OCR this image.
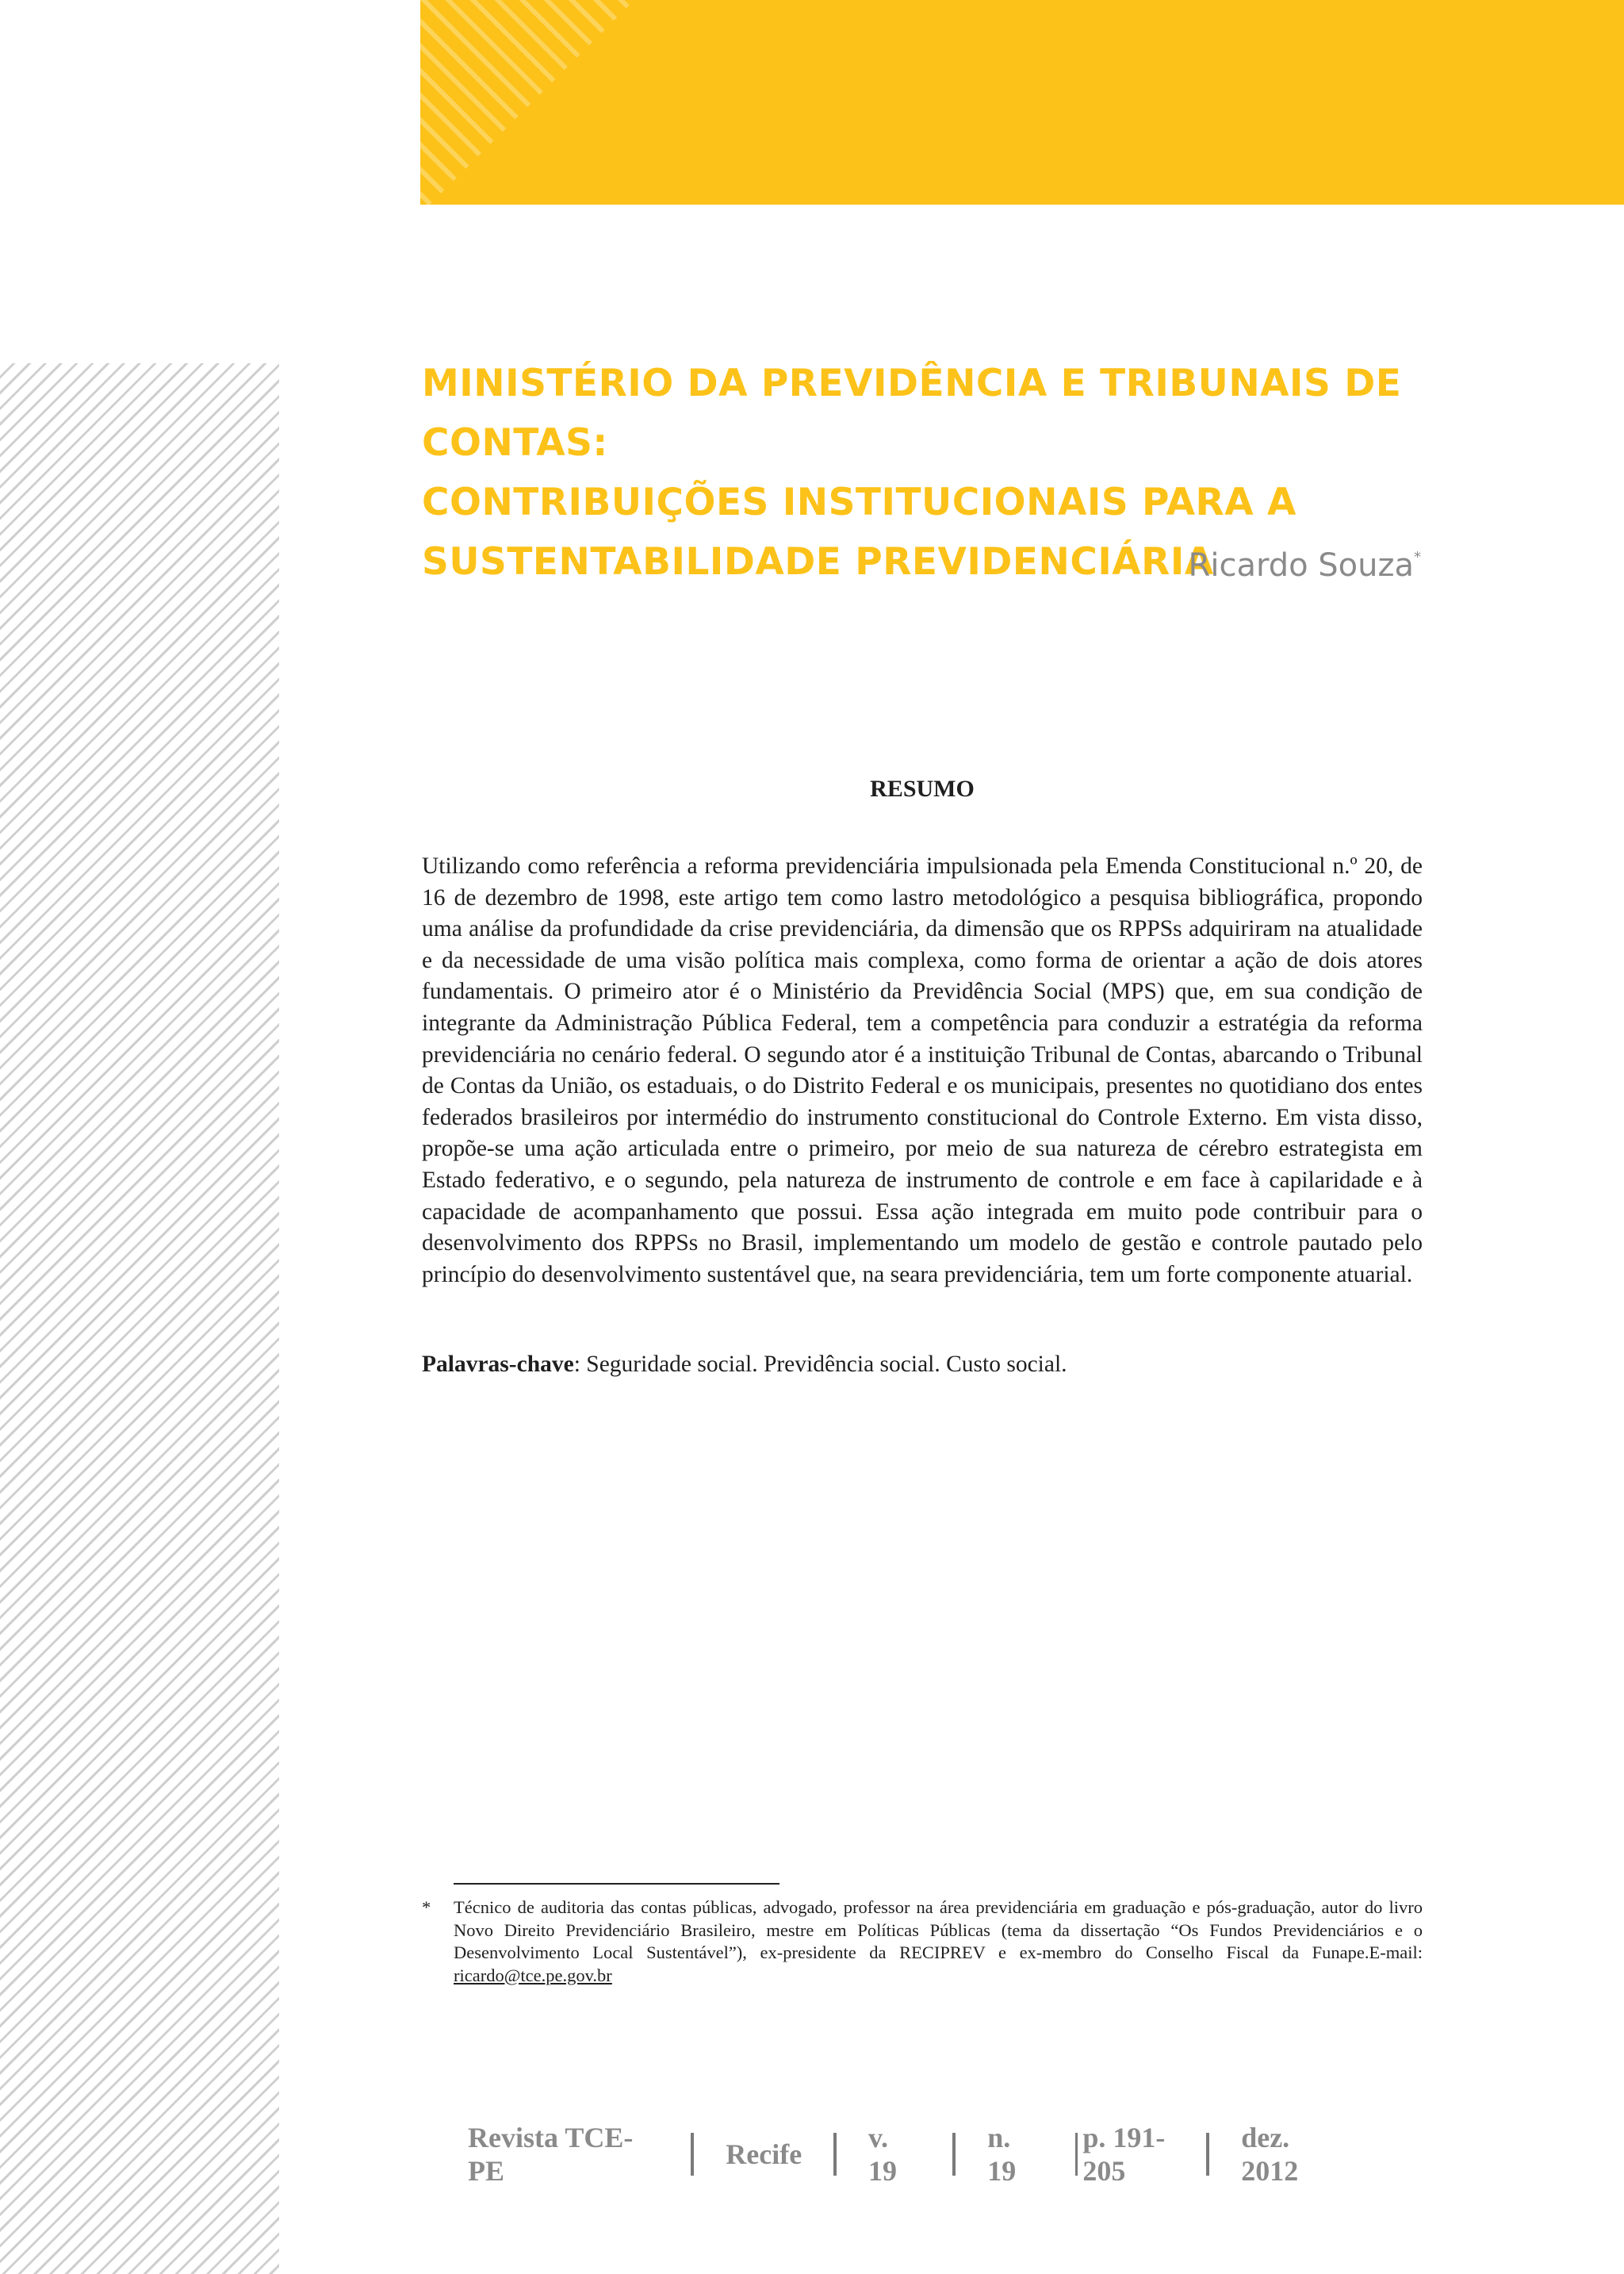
MINISTÉRIO DA PREVIDÊNCIA E TRIBUNAIS DE CONTAS:
CONTRIBUIÇÕES INSTITUCIONAIS PARA A
SUSTENTABILIDADE PREVIDENCIÁRIA
Ricardo Souza*
RESUMO

Utilizando como referência a reforma previdenciária impulsionada pela Emenda Constitucional n.º 20, de 16 de dezembro de 1998, este artigo tem como lastro metodológico a pesquisa bibliográfica, propondo uma análise da profundidade da crise previdenciária, da dimensão que os RPPSs adquiriram na atualidade e da necessidade de uma visão política mais complexa, como forma de orientar a ação de dois atores fundamentais. O primeiro ator é o Ministério da Previdência Social (MPS) que, em sua condição de integrante da Administração Pública Federal, tem a competência para conduzir a estratégia da reforma previdenciária no cenário federal. O segundo ator é a instituição Tribunal de Contas, abarcando o Tribunal de Contas da União, os estaduais, o do Distrito Federal e os municipais, presentes no quotidiano dos entes federados brasileiros por intermédio do instrumento constitucional do Controle Externo. Em vista disso, propõe-se uma ação articulada entre o primeiro, por meio de sua natureza de cérebro estrategista em Estado federativo, e o segundo, pela natureza de instrumento de controle e em face à capilaridade e à capacidade de acompanhamento que possui. Essa ação integrada em muito pode contribuir para o desenvolvimento dos RPPSs no Brasil, implementando um modelo de gestão e controle pautado pelo princípio do desenvolvimento sustentável que, na seara previdenciária, tem um forte componente atuarial.

Palavras-chave: Seguridade social. Previdência social. Custo social.

* Técnico de auditoria das contas públicas, advogado, professor na área previdenciária em graduação e pós-graduação, autor do livro Novo Direito Previdenciário Brasileiro, mestre em Políticas Públicas (tema da dissertação “Os Fundos Previdenciários e o Desenvolvimento Local Sustentável”), ex-presidente da RECIPREV e ex-membro do Conselho Fiscal da Funape.E-mail: ricardo@tce.pe.gov.br
Revista TCE-PE
Recife
v. 19
n. 19
p. 191-205
dez. 2012
